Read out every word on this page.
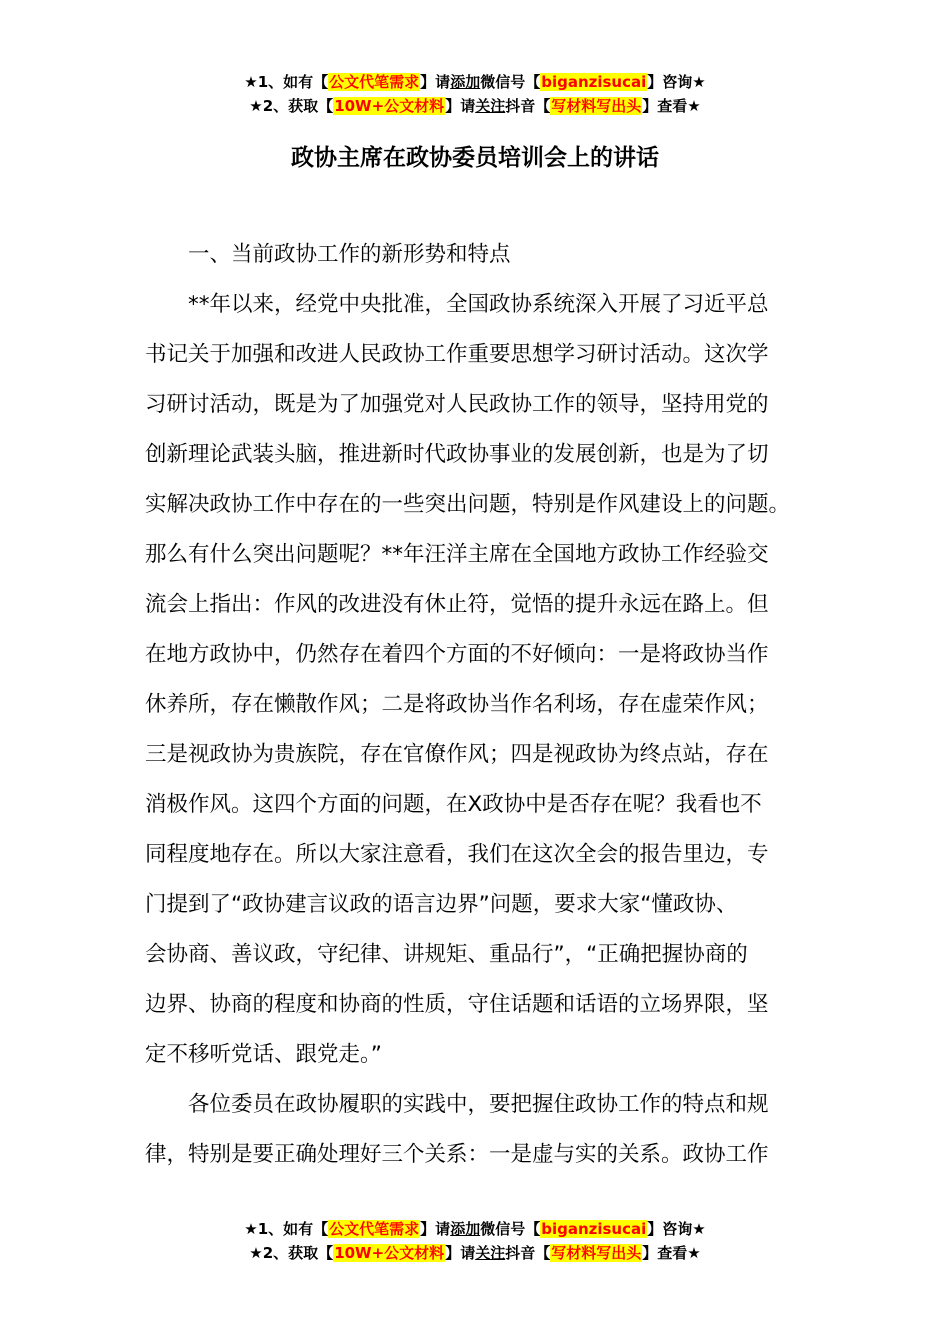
★1、如有【公文代笔需求】请添加微信号【biganzisucai】咨询★
★2、获取【10W+公文材料】请关注抖音【写材料写出头】查看★
政协主席在政协委员培训会上的讲话
一、当前政协工作的新形势和特点
**年以来，经党中央批准，全国政协系统深入开展了习近平总
书记关于加强和改进人民政协工作重要思想学习研讨活动。这次学
习研讨活动，既是为了加强党对人民政协工作的领导，坚持用党的
创新理论武装头脑，推进新时代政协事业的发展创新，也是为了切
实解决政协工作中存在的一些突出问题，特别是作风建设上的问题。
那么有什么突出问题呢？**年汪洋主席在全国地方政协工作经验交
流会上指出：作风的改进没有休止符，觉悟的提升永远在路上。但
在地方政协中，仍然存在着四个方面的不好倾向：一是将政协当作
休养所，存在懒散作风；二是将政协当作名利场，存在虚荣作风；
三是视政协为贵族院，存在官僚作风；四是视政协为终点站，存在
消极作风。这四个方面的问题，在X政协中是否存在呢？我看也不
同程度地存在。所以大家注意看，我们在这次全会的报告里边，专
门提到了“政协建言议政的语言边界”问题，要求大家“懂政协、
会协商、善议政，守纪律、讲规矩、重品行”，“正确把握协商的
边界、协商的程度和协商的性质，守住话题和话语的立场界限，坚
定不移听党话、跟党走。”
各位委员在政协履职的实践中，要把握住政协工作的特点和规
律，特别是要正确处理好三个关系：一是虚与实的关系。政协工作
★1、如有【公文代笔需求】请添加微信号【biganzisucai】咨询★
★2、获取【10W+公文材料】请关注抖音【写材料写出头】查看★
